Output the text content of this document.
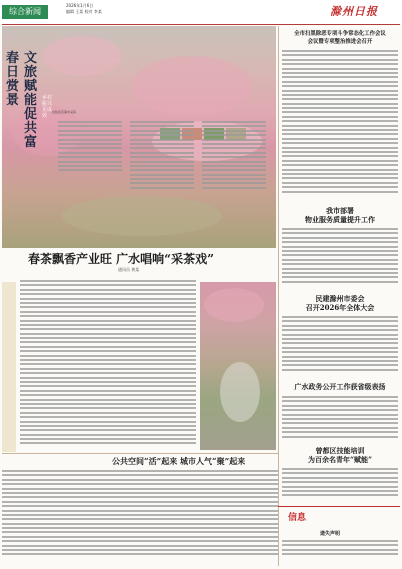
综合新闻
2026年1月6日
编辑 王某 校对 李某	滁州日报
春日赏景
文旅赋能促共富
乡村振兴见成效
村民在花海中采茶
春茶飘香产业旺 广水唱响“采茶戏”
通讯员 黄某
全市扫黑除恶专项斗争常态化工作会议
会议暨专项整治推进会召开
我市部署
物业服务质量提升工作
民建滁州市委会
召开2026年全体大会
广水政务公开工作获省级表扬
曾都区技能培训
为百余名青年“赋能”
公共空间“活”起来 城市人气“聚”起来
信息
遗失声明
